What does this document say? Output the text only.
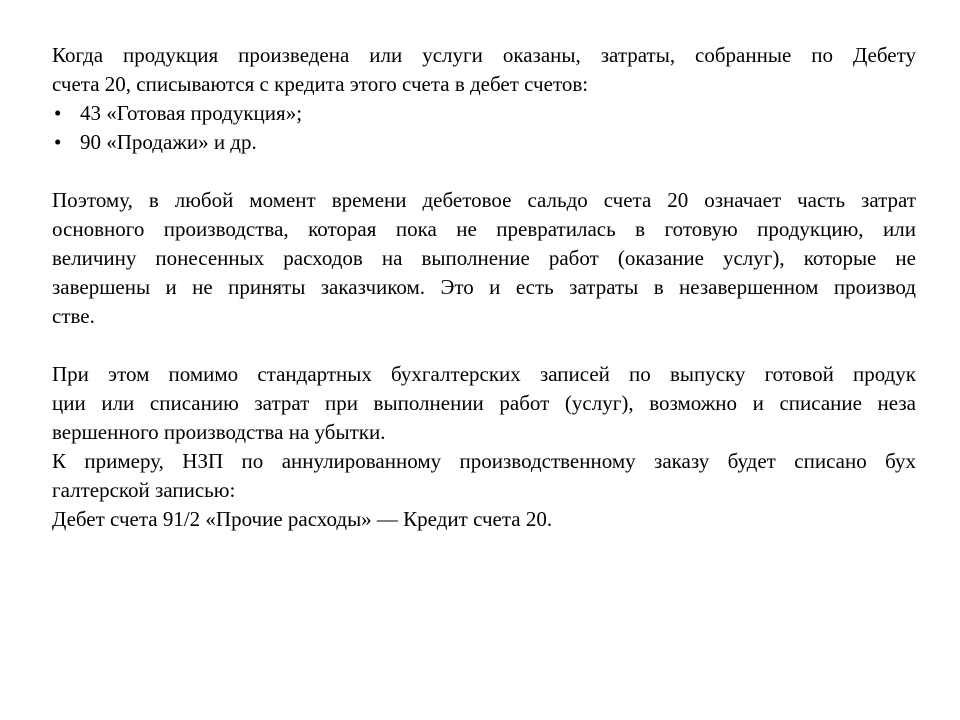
Когда продукция произведена или услуги оказаны, затраты, собранные по Дебету
счета 20, списываются с кредита этого счета в дебет счетов:
• 43 «Готовая продукция»;
• 90 «Продажи» и др.
Поэтому, в любой момент времени дебетовое сальдо счета 20 означает часть затрат
основного производства, которая пока не превратилась в готовую продукцию, или
величину понесенных расходов на выполнение работ (оказание услуг), которые не
завершены и не приняты заказчиком. Это и есть затраты в незавершенном производ
стве.
При этом помимо стандартных бухгалтерских записей по выпуску готовой продук
ции или списанию затрат при выполнении работ (услуг), возможно и списание неза
вершенного производства на убытки.
К примеру, НЗП по аннулированному производственному заказу будет списано бух
галтерской записью:
Дебет счета 91/2 «Прочие расходы» — Кредит счета 20.
